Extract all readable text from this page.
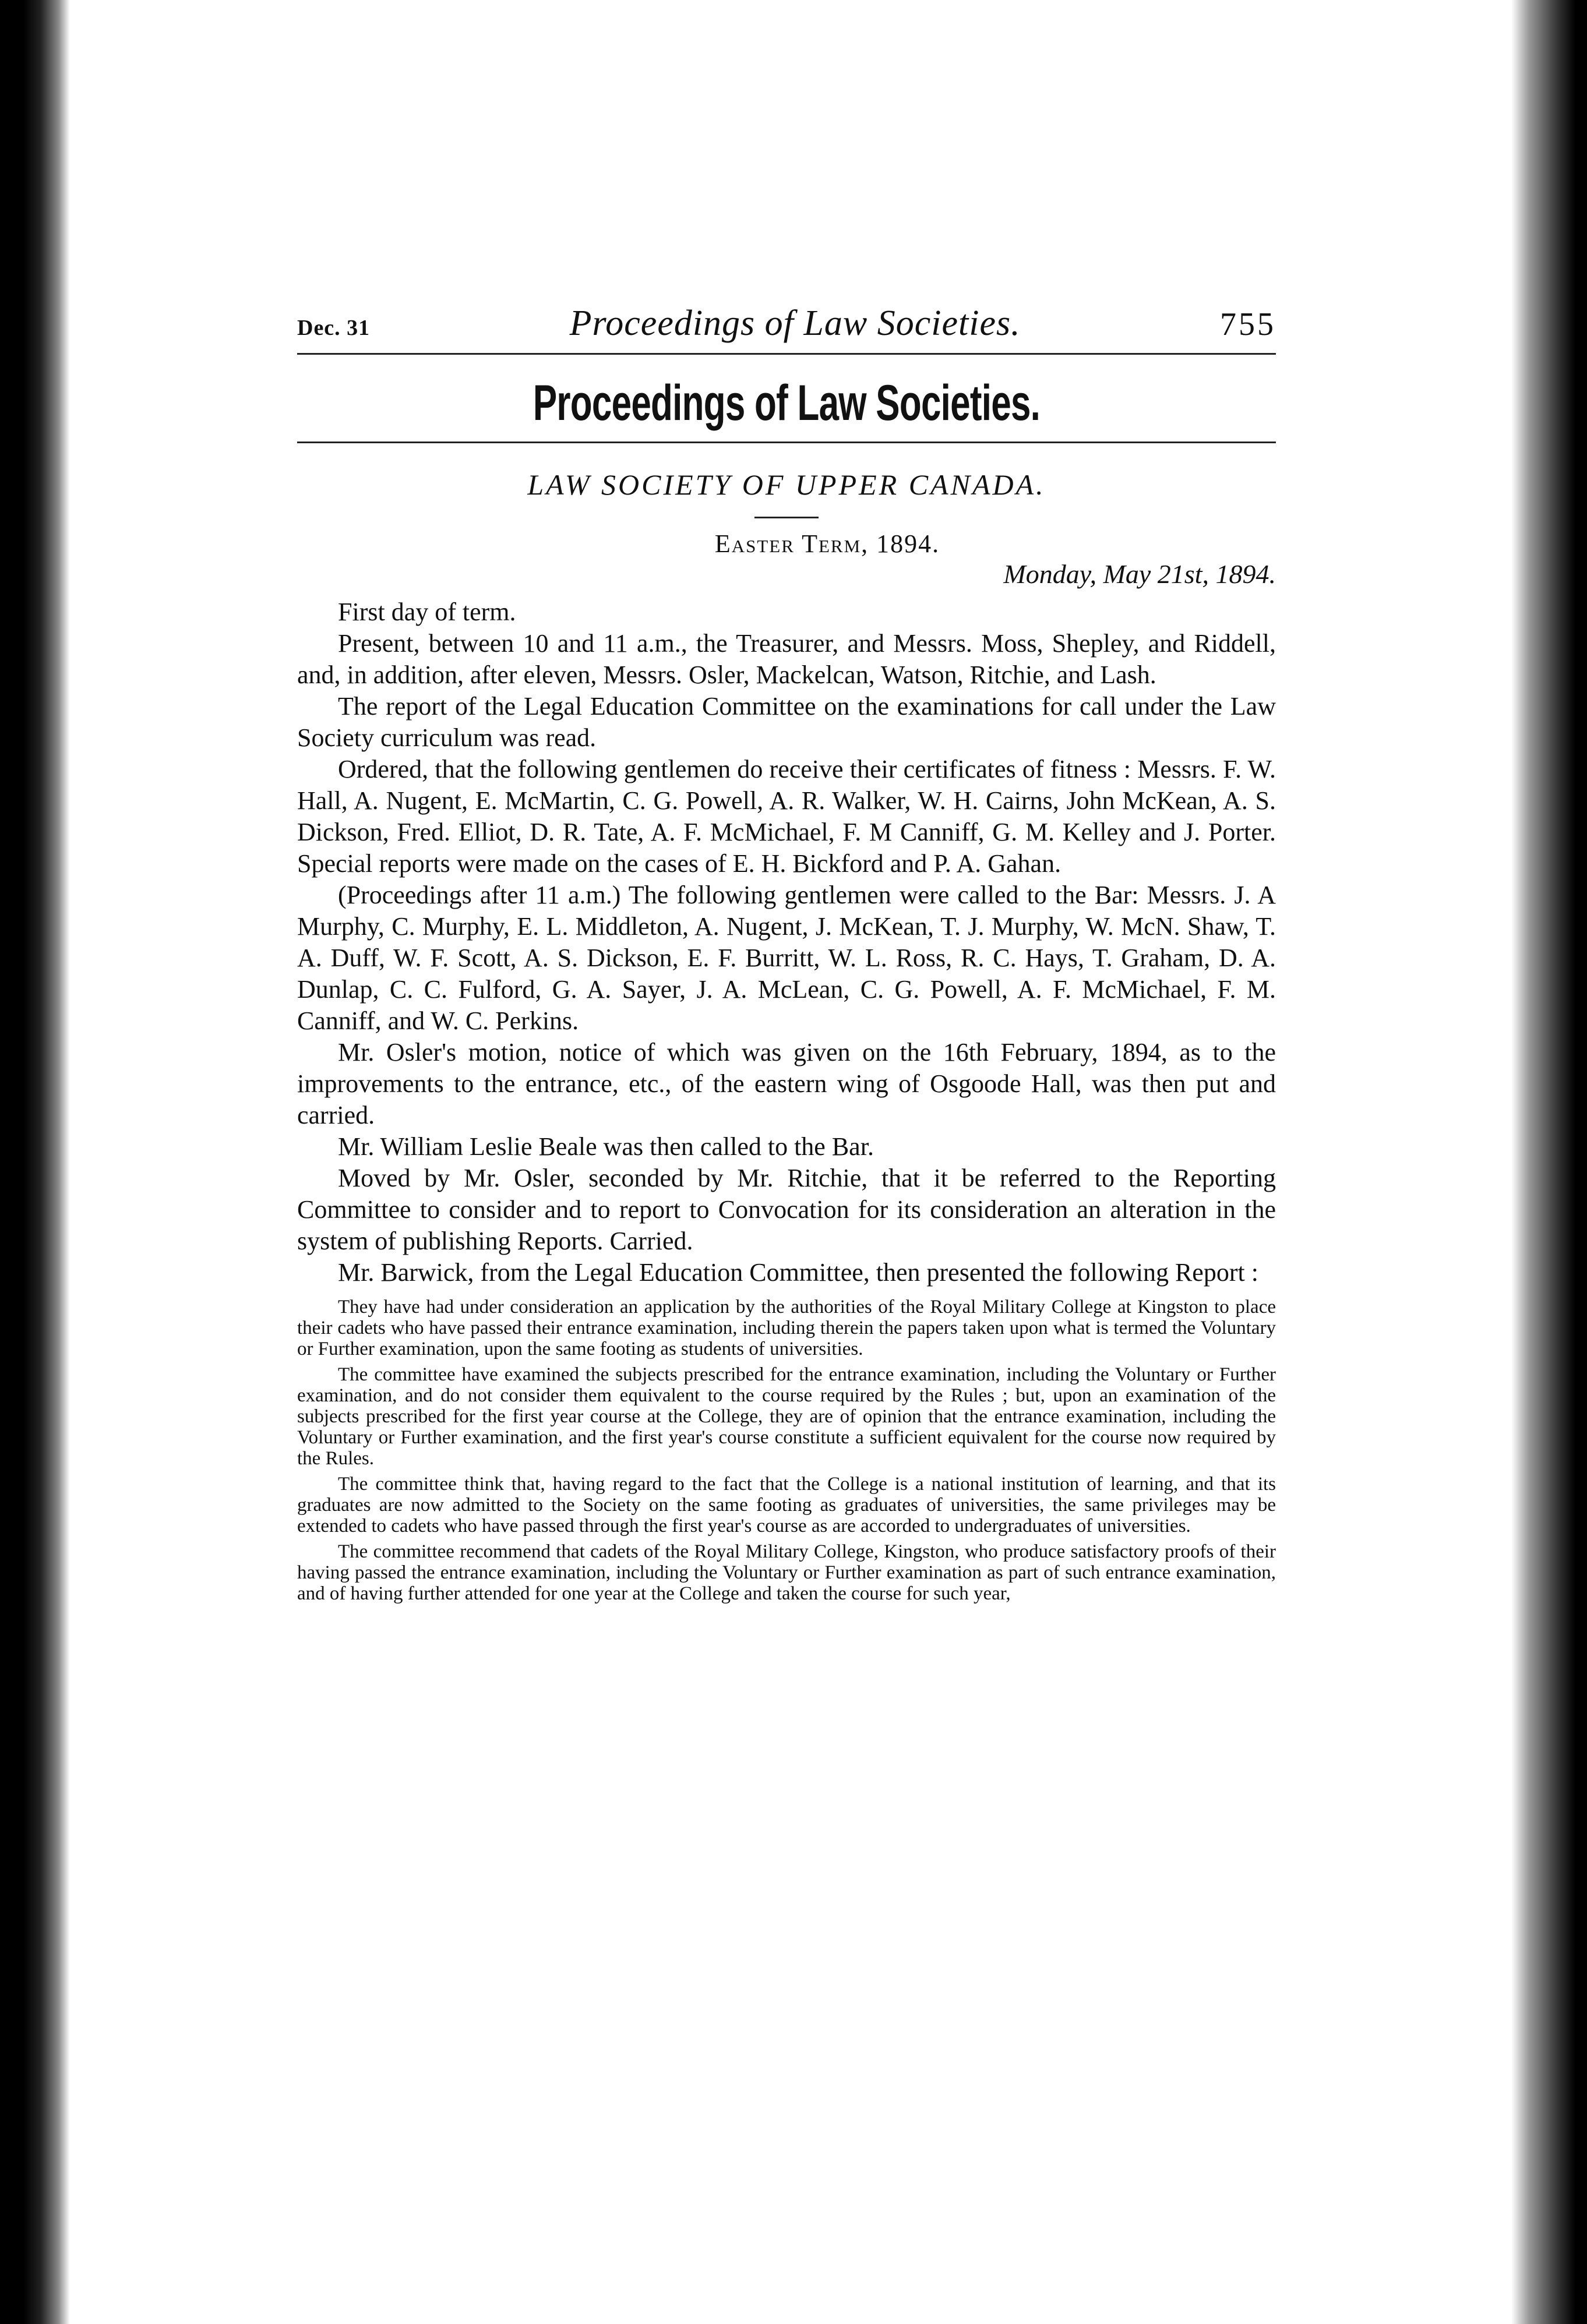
Dec. 31	Proceedings of Law Societies.	755
Proceedings of Law Societies.
LAW SOCIETY OF UPPER CANADA.
Easter Term, 1894.
Monday, May 21st, 1894.

First day of term.

Present, between 10 and 11 a.m., the Treasurer, and Messrs. Moss, Shepley, and Riddell, and, in addition, after eleven, Messrs. Osler, Mackelcan, Watson, Ritchie, and Lash.

The report of the Legal Education Committee on the examinations for call under the Law Society curriculum was read.

Ordered, that the following gentlemen do receive their certificates of fitness : Messrs. F. W. Hall, A. Nugent, E. McMartin, C. G. Powell, A. R. Walker, W. H. Cairns, John McKean, A. S. Dickson, Fred. Elliot, D. R. Tate, A. F. McMichael, F. M Canniff, G. M. Kelley and J. Porter. Special reports were made on the cases of E. H. Bickford and P. A. Gahan.

(Proceedings after 11 a.m.) The following gentlemen were called to the Bar: Messrs. J. A Murphy, C. Murphy, E. L. Middleton, A. Nugent, J. McKean, T. J. Murphy, W. McN. Shaw, T. A. Duff, W. F. Scott, A. S. Dickson, E. F. Burritt, W. L. Ross, R. C. Hays, T. Graham, D. A. Dunlap, C. C. Fulford, G. A. Sayer, J. A. McLean, C. G. Powell, A. F. McMichael, F. M. Canniff, and W. C. Perkins.

Mr. Osler's motion, notice of which was given on the 16th February, 1894, as to the improvements to the entrance, etc., of the eastern wing of Osgoode Hall, was then put and carried.

Mr. William Leslie Beale was then called to the Bar.

Moved by Mr. Osler, seconded by Mr. Ritchie, that it be referred to the Reporting Committee to consider and to report to Convocation for its consideration an alteration in the system of publishing Reports. Carried.

Mr. Barwick, from the Legal Education Committee, then presented the following Report :

They have had under consideration an application by the authorities of the Royal Military College at Kingston to place their cadets who have passed their entrance examination, including therein the papers taken upon what is termed the Voluntary or Further examination, upon the same footing as students of universities.

The committee have examined the subjects prescribed for the entrance examination, including the Voluntary or Further examination, and do not consider them equivalent to the course required by the Rules ; but, upon an examination of the subjects prescribed for the first year course at the College, they are of opinion that the entrance examination, including the Voluntary or Further examination, and the first year's course constitute a sufficient equivalent for the course now required by the Rules.

The committee think that, having regard to the fact that the College is a national institution of learning, and that its graduates are now admitted to the Society on the same footing as graduates of universities, the same privileges may be extended to cadets who have passed through the first year's course as are accorded to undergraduates of universities.

The committee recommend that cadets of the Royal Military College, Kingston, who produce satisfactory proofs of their having passed the entrance examination, including the Voluntary or Further examination as part of such entrance examination, and of having further attended for one year at the College and taken the course for such year,
